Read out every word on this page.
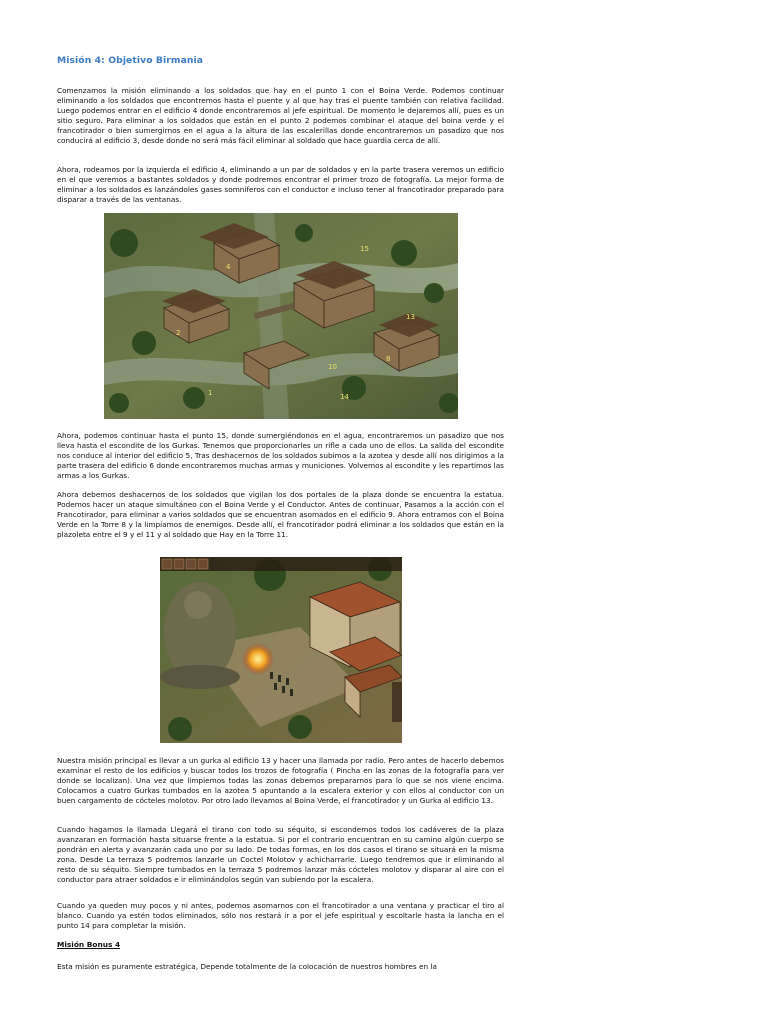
Misión 4: Objetivo Birmania

Comenzamos la misión eliminando a los soldados que hay en el punto 1 con el Boina Verde. Podemos continuar eliminando a los soldados que encontremos hasta el puente y al que hay tras el puente también con relativa facilidad. Luego podemos entrar en el edificio 4 donde encontraremos al jefe espiritual. De momento le dejaremos allí, pues es un sitio seguro. Para eliminar a los soldados que están en el punto 2 podemos combinar el ataque del boina verde y el francotirador o bien sumergirnos en el agua a la altura de las escalerillas donde encontraremos un pasadizo que nos conducirá al edificio 3, desde donde no será más fácil eliminar al soldado que hace guardia cerca de allí.

Ahora, rodeamos por la izquierda el edificio 4, eliminando a un par de soldados y en la parte trasera veremos un edificio en el que veremos a bastantes soldados y donde podremos encontrar el primer trozo de fotografía. La mejor forma de eliminar a los soldados es lanzándoles gases somníferos con el conductor e incluso tener al francotirador preparado para disparar a través de las ventanas.

15
4
2
13
10
14
1
8

Ahora, podemos continuar hasta el punto 15, donde sumergiéndonos en el agua, encontraremos un pasadizo que nos lleva hasta el escondite de los Gurkas. Tenemos que proporcionarles un rifle a cada uno de ellos. La salida del escondite nos conduce al interior del edificio 5, Tras deshacernos de los soldados subimos a la azotea y desde allí nos dirigimos a la parte trasera del edificio 6 donde encontraremos muchas armas y municiones. Volvemos al escondite y les repartimos las armas a los Gurkas.

Ahora debemos deshacernos de los soldados que vigilan los dos portales de la plaza donde se encuentra la estatua. Podemos hacer un ataque simultáneo con el Boina Verde y el Conductor. Antes de continuar, Pasamos a la acción con el Francotirador, para eliminar a varios soldados que se encuentran asomados en el edificio 9. Ahora entramos con el Boina Verde en la Torre 8 y la limpiamos de enemigos. Desde allí, el francotirador podrá eliminar a los soldados que están en la plazoleta entre el 9 y el 11 y al soldado que Hay en la Torre 11.

Nuestra misión principal es llevar a un gurka al edificio 13 y hacer una llamada por radio. Pero antes de hacerlo debemos examinar el resto de los edificios y buscar todos los trozos de fotografía ( Pincha en las zonas de la fotografía para ver donde se localizan). Una vez que limpiemos todas las zonas debemos prepararnos para lo que se nos viene encima. Colocamos a cuatro Gurkas tumbados en la azotea 5 apuntando a la escalera exterior y con ellos al conductor con un buen cargamento de cócteles molotov. Por otro lado llevamos al Boina Verde, el francotirador y un Gurka al edificio 13.

Cuando hagamos la llamada Llegará el tirano con todo su séquito, si escondemos todos los cadáveres de la plaza avanzaran en formación hasta situarse frente a la estatua. Si por el contrario encuentran en su camino algún cuerpo se pondrán en alerta y avanzarán cada uno por su lado. De todas formas, en los dos casos el tirano se situará en la misma zona. Desde La terraza 5 podremos lanzarle un Coctel Molotov y achicharrarle. Luego tendremos que ir eliminando al resto de su séquito. Siempre tumbados en la terraza 5 podremos lanzar más cócteles molotov y disparar al aire con el conductor para atraer soldados e ir eliminándolos según van subiendo por la escalera.

Cuando ya queden muy pocos y ni antes, podemos asomarnos con el francotirador a una ventana y practicar el tiro al blanco. Cuando ya estén todos eliminados, sólo nos restará ir a por el jefe espiritual y escoltarle hasta la lancha en el punto 14 para completar la misión.

Misión Bonus 4

Esta misión es puramente estratégica, Depende totalmente de la colocación de nuestros hombres en la
